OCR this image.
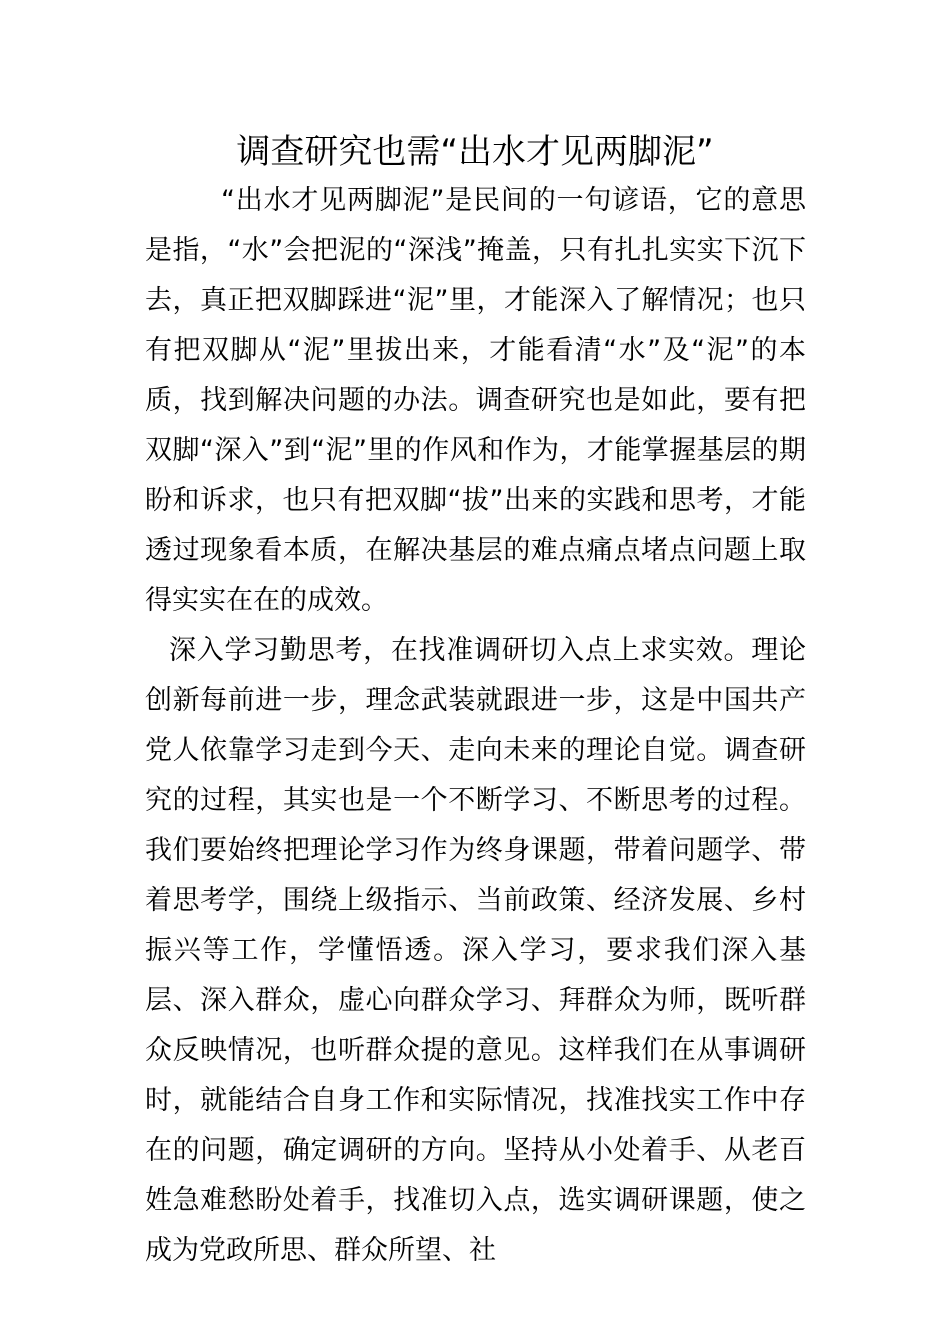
调查研究也需“出水才见两脚泥”

“出水才见两脚泥”是民间的一句谚语，它的意思是指，“水”会把泥的“深浅”掩盖，只有扎扎实实下沉下去，真正把双脚踩进“泥”里，才能深入了解情况；也只有把双脚从“泥”里拔出来，才能看清“水”及“泥”的本质，找到解决问题的办法。调查研究也是如此，要有把双脚“深入”到“泥”里的作风和作为，才能掌握基层的期盼和诉求，也只有把双脚“拔”出来的实践和思考，才能透过现象看本质，在解决基层的难点痛点堵点问题上取得实实在在的成效。

深入学习勤思考，在找准调研切入点上求实效。理论创新每前进一步，理念武装就跟进一步，这是中国共产党人依靠学习走到今天、走向未来的理论自觉。调查研究的过程，其实也是一个不断学习、不断思考的过程。我们要始终把理论学习作为终身课题，带着问题学、带着思考学，围绕上级指示、当前政策、经济发展、乡村振兴等工作，学懂悟透。深入学习，要求我们深入基层、深入群众，虚心向群众学习、拜群众为师，既听群众反映情况，也听群众提的意见。这样我们在从事调研时，就能结合自身工作和实际情况，找准找实工作中存在的问题，确定调研的方向。坚持从小处着手、从老百姓急难愁盼处着手，找准切入点，选实调研课题，使之成为党政所思、群众所望、社
